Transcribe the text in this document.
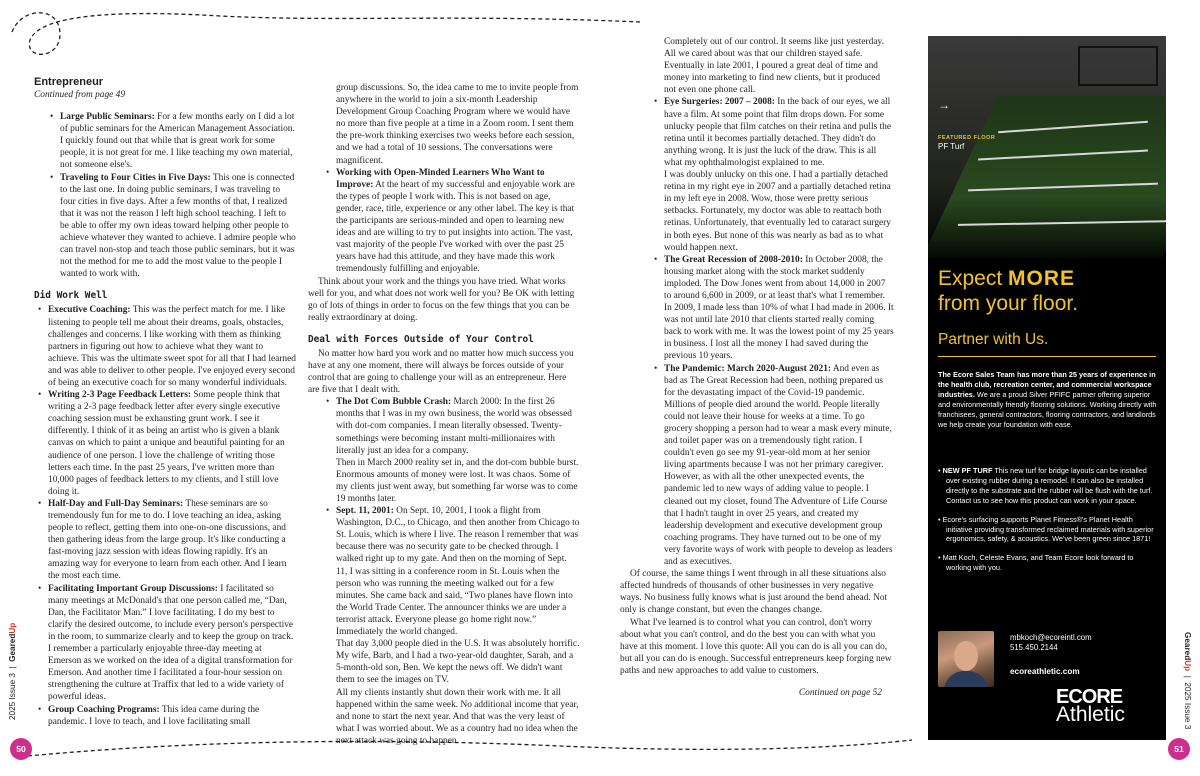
Entrepreneur
Continued from page 49
• Large Public Seminars: For a few months early on I did a lot of public seminars for the American Management Association. I quickly found out that while that is great work for some people, it is not great for me. I like teaching my own material, not someone else's.
• Traveling to Four Cities in Five Days: This one is connected to the last one. In doing public seminars, I was traveling to four cities in five days. After a few months of that, I realized that it was not the reason I left high school teaching. I left to be able to offer my own ideas toward helping other people to achieve whatever they wanted to achieve. I admire people who can travel non-stop and teach those public seminars, but it was not the method for me to add the most value to the people I wanted to work with.
Did Work Well
• Executive Coaching: This was the perfect match for me. I like listening to people tell me about their dreams, goals, obstacles, challenges and concerns. I like working with them as thinking partners in figuring out how to achieve what they want to achieve. This was the ultimate sweet spot for all that I had learned and was able to deliver to other people. I've enjoyed every second of being an executive coach for so many wonderful individuals.
• Writing 2-3 Page Feedback Letters: Some people think that writing a 2-3 page feedback letter after every single executive coaching session must be exhausting grunt work. I see it differently. I think of it as being an artist who is given a blank canvas on which to paint a unique and beautiful painting for an audience of one person. I love the challenge of writing those letters each time. In the past 25 years, I've written more than 10,000 pages of feedback letters to my clients, and I still love doing it.
• Half-Day and Full-Day Seminars: These seminars are so tremendously fun for me to do. I love teaching an idea, asking people to reflect, getting them into one-on-one discussions, and then gathering ideas from the large group. It's like conducting a fast-moving jazz session with ideas flowing rapidly. It's an amazing way for everyone to learn from each other. And I learn the most each time.
• Facilitating Important Group Discussions: I facilitated so many meetings at McDonald's that one person called me, “Dan, Dan, the Facilitator Man.” I love facilitating. I do my best to clarify the desired outcome, to include every person's perspective in the room, to summarize clearly and to keep the group on track. I remember a particularly enjoyable three-day meeting at Emerson as we worked on the idea of a digital transformation for Emerson. And another time I facilitated a four-hour session on strengthening the culture at Traffix that led to a wide variety of powerful ideas.
• Group Coaching Programs: This idea came during the pandemic. I love to teach, and I love facilitating small

group discussions. So, the idea came to me to invite people from anywhere in the world to join a six-month Leadership Development Group Coaching Program where we would have no more than five people at a time in a Zoom room. I sent them the pre-work thinking exercises two weeks before each session, and we had a total of 10 sessions. The conversations were magnificent.

• Working with Open-Minded Learners Who Want to Improve: At the heart of my successful and enjoyable work are the types of people I work with. This is not based on age, gender, race, title, experience or any other label. The key is that the participants are serious-minded and open to learning new ideas and are willing to try to put insights into action. The vast, vast majority of the people I've worked with over the past 25 years have had this attitude, and they have made this work tremendously fulfilling and enjoyable.

Think about your work and the things you have tried. What works well for you, and what does not work well for you? Be OK with letting go of lots of things in order to focus on the few things that you can be really extraordinary at doing.

Deal with Forces Outside of Your Control

No matter how hard you work and no matter how much success you have at any one moment, there will always be forces outside of your control that are going to challenge your will as an entrepreneur. Here are five that I dealt with.

• The Dot Com Bubble Crash: March 2000: In the first 26 months that I was in my own business, the world was obsessed with dot-com companies. I mean literally obsessed. Twenty-somethings were becoming instant multi-millionaires with literally just an idea for a company.
Then in March 2000 reality set in, and the dot-com bubble burst. Enormous amounts of money were lost. It was chaos. Some of my clients just went away, but something far worse was to come 19 months later.
• Sept. 11, 2001: On Sept. 10, 2001, I took a flight from Washington, D.C., to Chicago, and then another from Chicago to St. Louis, which is where I live. The reason I remember that was because there was no security gate to be checked through. I walked right up to my gate. And then on the morning of Sept. 11, I was sitting in a conference room in St. Louis when the person who was running the meeting walked out for a few minutes. She came back and said, “Two planes have flown into the World Trade Center. The announcer thinks we are under a terrorist attack. Everyone please go home right now.”
Immediately the world changed.
That day 3,000 people died in the U.S. It was absolutely horrific. My wife, Barb, and I had a two-year-old daughter, Sarah, and a 5-month-old son, Ben. We kept the news off. We didn't want them to see the images on TV.
All my clients instantly shut down their work with me. It all happened within the same week. No additional income that year, and none to start the next year. And that was the very least of what I was worried about. We as a country had no idea when the next attack was going to happen.

Completely out of our control. It seems like just yesterday. All we cared about was that our children stayed safe. Eventually in late 2001, I poured a great deal of time and money into marketing to find new clients, but it produced not even one phone call.

• Eye Surgeries: 2007 – 2008: In the back of our eyes, we all have a film. At some point that film drops down. For some unlucky people that film catches on their retina and pulls the retina until it becomes partially detached. They didn't do anything wrong. It is just the luck of the draw. This is all what my ophthalmologist explained to me.
I was doubly unlucky on this one. I had a partially detached retina in my right eye in 2007 and a partially detached retina in my left eye in 2008. Wow, those were pretty serious setbacks. Fortunately, my doctor was able to reattach both retinas. Unfortunately, that eventually led to cataract surgery in both eyes. But none of this was nearly as bad as to what would happen next.
• The Great Recession of 2008-2010: In October 2008, the housing market along with the stock market suddenly imploded. The Dow Jones went from about 14,000 in 2007 to around 6,600 in 2009, or at least that's what I remember. In 2009, I made less than 10% of what I had made in 2006. It was not until late 2010 that clients started really coming back to work with me. It was the lowest point of my 25 years in business. I lost all the money I had saved during the previous 10 years.
• The Pandemic: March 2020-August 2021: And even as bad as The Great Recession had been, nothing prepared us for the devastating impact of the Covid-19 pandemic. Millions of people died around the world. People literally could not leave their house for weeks at a time. To go grocery shopping a person had to wear a mask every minute, and toilet paper was on a tremendously tight ration. I couldn't even go see my 91-year-old mom at her senior living apartments because I was not her primary caregiver.
However, as with all the other unexpected events, the pandemic led to new ways of adding value to people. I cleaned out my closet, found The Adventure of Life Course that I hadn't taught in over 25 years, and created my leadership development and executive development group coaching programs. They have turned out to be one of my very favorite ways of work with people to develop as leaders and as executives.

Of course, the same things I went through in all these situations also affected hundreds of thousands of other businesses in very negative ways. No business fully knows what is just around the bend ahead. Not only is change constant, but even the changes change.

What I've learned is to control what you can control, don't worry about what you can't control, and do the best you can with what you have at this moment. I love this quote: All you can do is all you can do, but all you can do is enough. Successful entrepreneurs keep forging new paths and new approaches to add value to customers.

Continued on page 52

→
FEATURED FLOOR
PF Turf
Expect MORE
from your floor.
Partner with Us.
The Ecore Sales Team has more than 25 years of experience in the health club, recreation center, and commercial workspace industries. We are a proud Silver PFIFC partner offering superior and environmentally friendly flooring solutions. Working directly with franchisees, general contractors, flooring contractors, and landlords we help create your foundation with ease.
• NEW PF TURF This new turf for bridge layouts can be installed over existing rubber during a remodel. It can also be installed directly to the substrate and the rubber will be flush with the turf. Contact us to see how this product can work in your space.
• Ecore's surfacing supports Planet Fitness®'s Planet Health initiative providing transformed reclaimed materials with superior ergonomics, safety, & acoustics. We've been green since 1871!
• Matt Koch, Celeste Evans, and Team Ecore look forward to working with you.
mbkoch@ecoreintl.com
515.450.2144
ecoreathletic.com
ECORE
Athletic
2025 Issue 3  |  GearedUp
50
GearedUp  |  2025 Issue 3
51
